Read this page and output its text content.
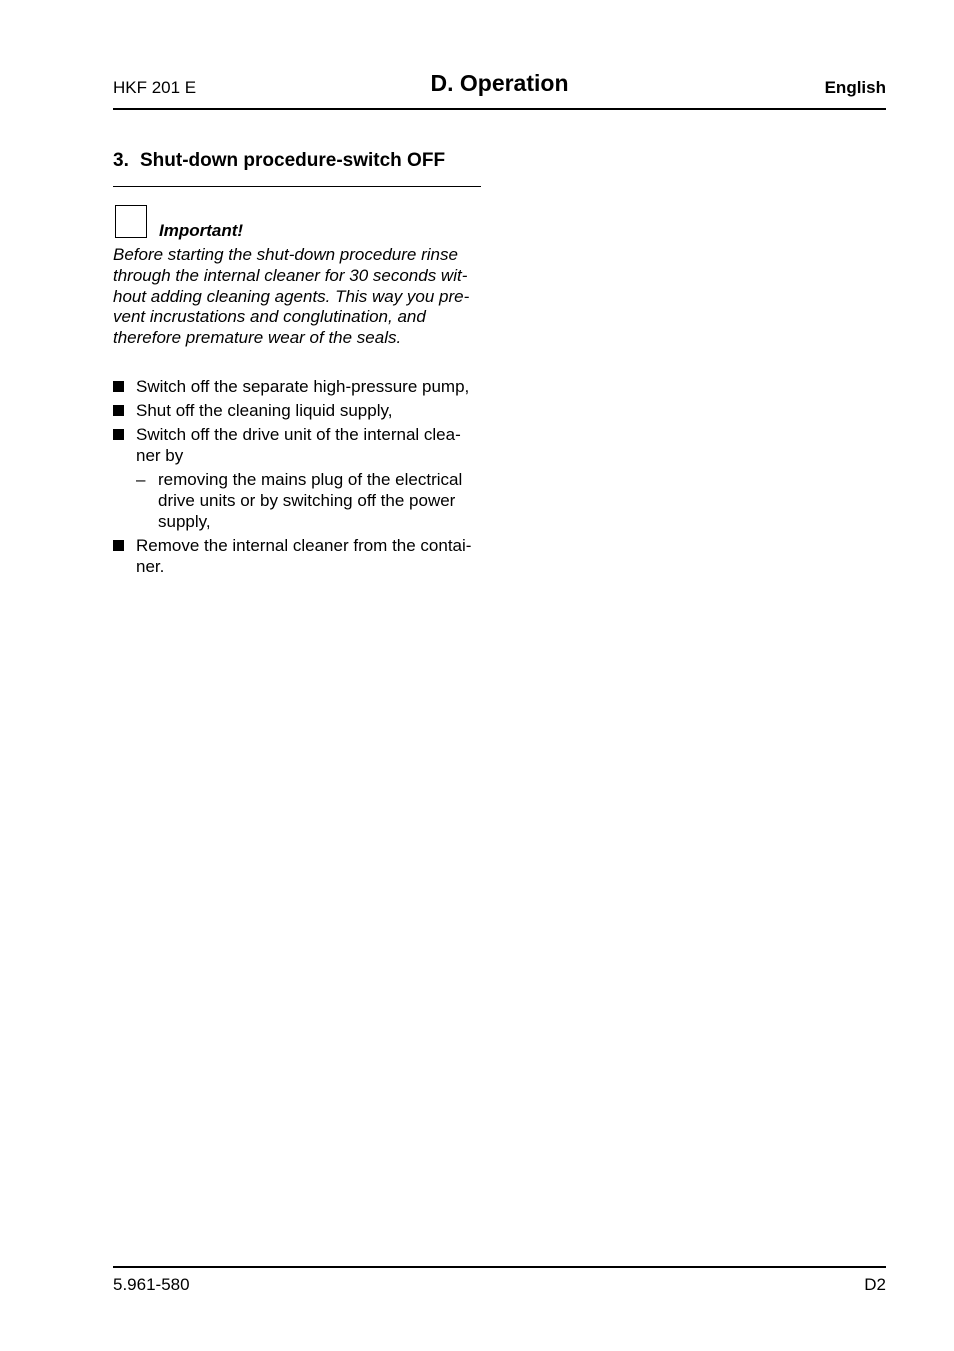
HKF 201 E	D. Operation	English
3. Shut-down procedure-switch OFF
Important!
Before starting the shut-down procedure rinse
through the internal cleaner for 30 seconds wit-
hout adding cleaning agents. This way you pre-
vent incrustations and conglutination, and
therefore premature wear of the seals.
Switch off the separate high-pressure pump,
Shut off the cleaning liquid supply,
Switch off the drive unit of the internal clea-
ner by
– removing the mains plug of the electrical
drive units or by switching off the power
supply,
Remove the internal cleaner from the contai-
ner.
5.961-580	D2
